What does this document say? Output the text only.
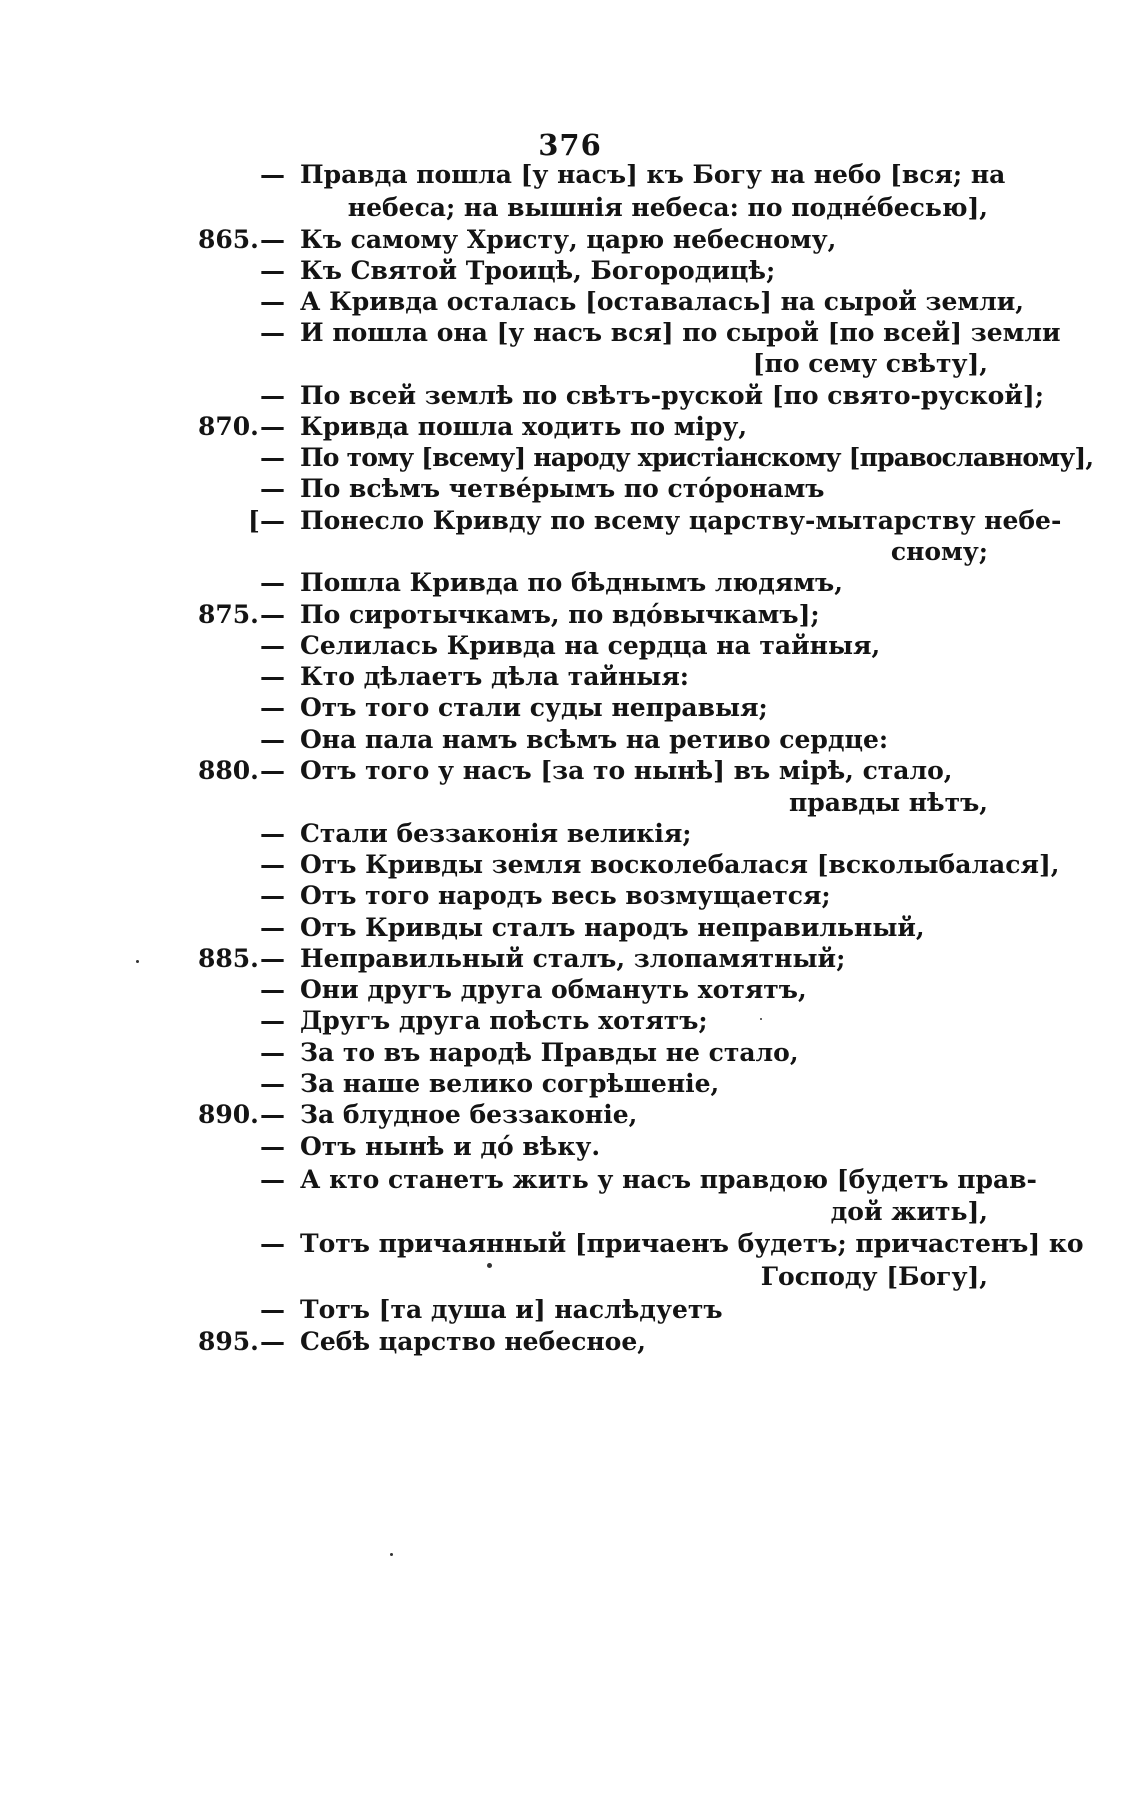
376
— Правда пошла [у насъ] къ Богу на небо [вся; на
небеса; на вышнія небеса: по поднéбесью],
865. — Къ самому Христу, царю небесному,
— Къ Святой Троицѣ, Богородицѣ;
— А Кривда осталась [оставалась] на сырой земли,
— И пошла она [у насъ вся] по сырой [по всей] земли
[по сему свѣту],
— По всей землѣ по свѣтъ-руской [по свято-руской];
870. — Кривда пошла ходить по міру,
— По тому [всему] народу христіанскому [православному],
— По всѣмъ четвéрымъ по стóронамъ
[ — Понесло Кривду по всему царству-мытарству небе-
сному;
— Пошла Кривда по бѣднымъ людямъ,
875. — По сиротычкамъ, по вдóвычкамъ];
— Селилась Кривда на сердца на тайныя,
— Кто дѣлаетъ дѣла тайныя:
— Отъ того стали суды неправыя;
— Она пала намъ всѣмъ на ретиво сердце:
880. — Отъ того у насъ [за то нынѣ] въ мірѣ, стало,
правды нѣтъ,
— Стали беззаконія великія;
— Отъ Кривды земля восколебалася [всколыбалася],
— Отъ того народъ весь возмущается;
— Отъ Кривды сталъ народъ неправильный,
885. — Неправильный сталъ, злопамятный;
— Они другъ друга обмануть хотятъ,
— Другъ друга поѣсть хотятъ;
— За то въ народѣ Правды не стало,
— За наше велико согрѣшеніе,
890. — За блудное беззаконіе,
— Отъ нынѣ и дó вѣку.
— А кто станетъ жить у насъ правдою [будетъ прав-
дой жить],
— Тотъ причаянный [причаенъ будетъ; причастенъ] ко
Господу [Богу],
— Тотъ [та душа и] наслѣдуетъ
895. — Себѣ царство небесное,
